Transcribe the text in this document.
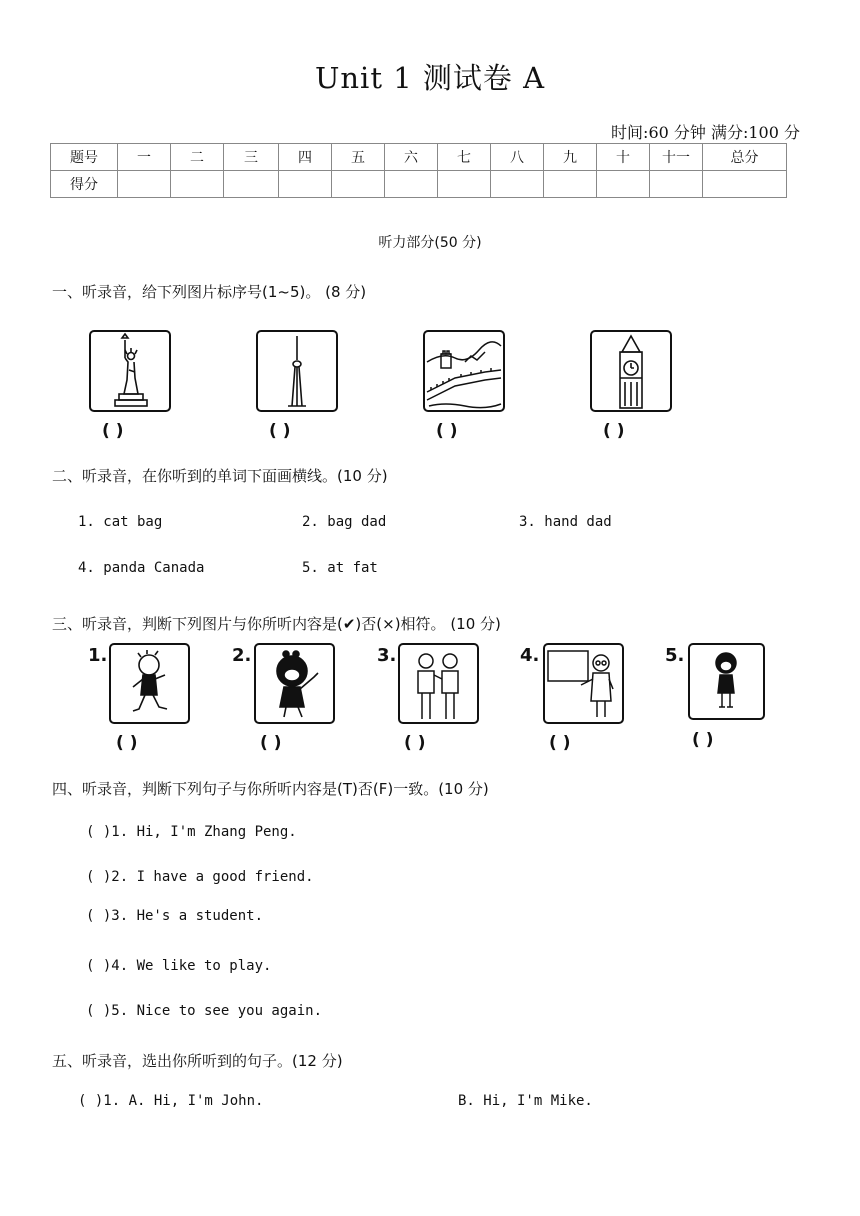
Unit 1 测试卷 A
时间:60 分钟 满分:100 分
题号	一	二	三	四	五	六	七	八	九	十	十一	总分
得分												
听力部分(50 分)
一、听录音，给下列图片标序号(1~5)。 (8 分)
( )	( )	( )	( )
二、听录音，在你听到的单词下面画横线。(10 分)
1. cat bag	2. bag dad	3. hand dad
4. panda Canada	5. at fat
三、听录音，判断下列图片与你所听内容是(✔)否(×)相符。 (10 分)
1.	2.	3.	4.	5.
( )	( )	( )	( )	( )
四、听录音，判断下列句子与你所听内容是(T)否(F)一致。(10 分)
( )1. Hi, I'm Zhang Peng.
( )2. I have a good friend.
( )3. He's a student.
( )4. We like to play.
( )5. Nice to see you again.
五、听录音，选出你所听到的句子。(12 分)
( )1. A. Hi, I'm John.	B. Hi, I'm Mike.
